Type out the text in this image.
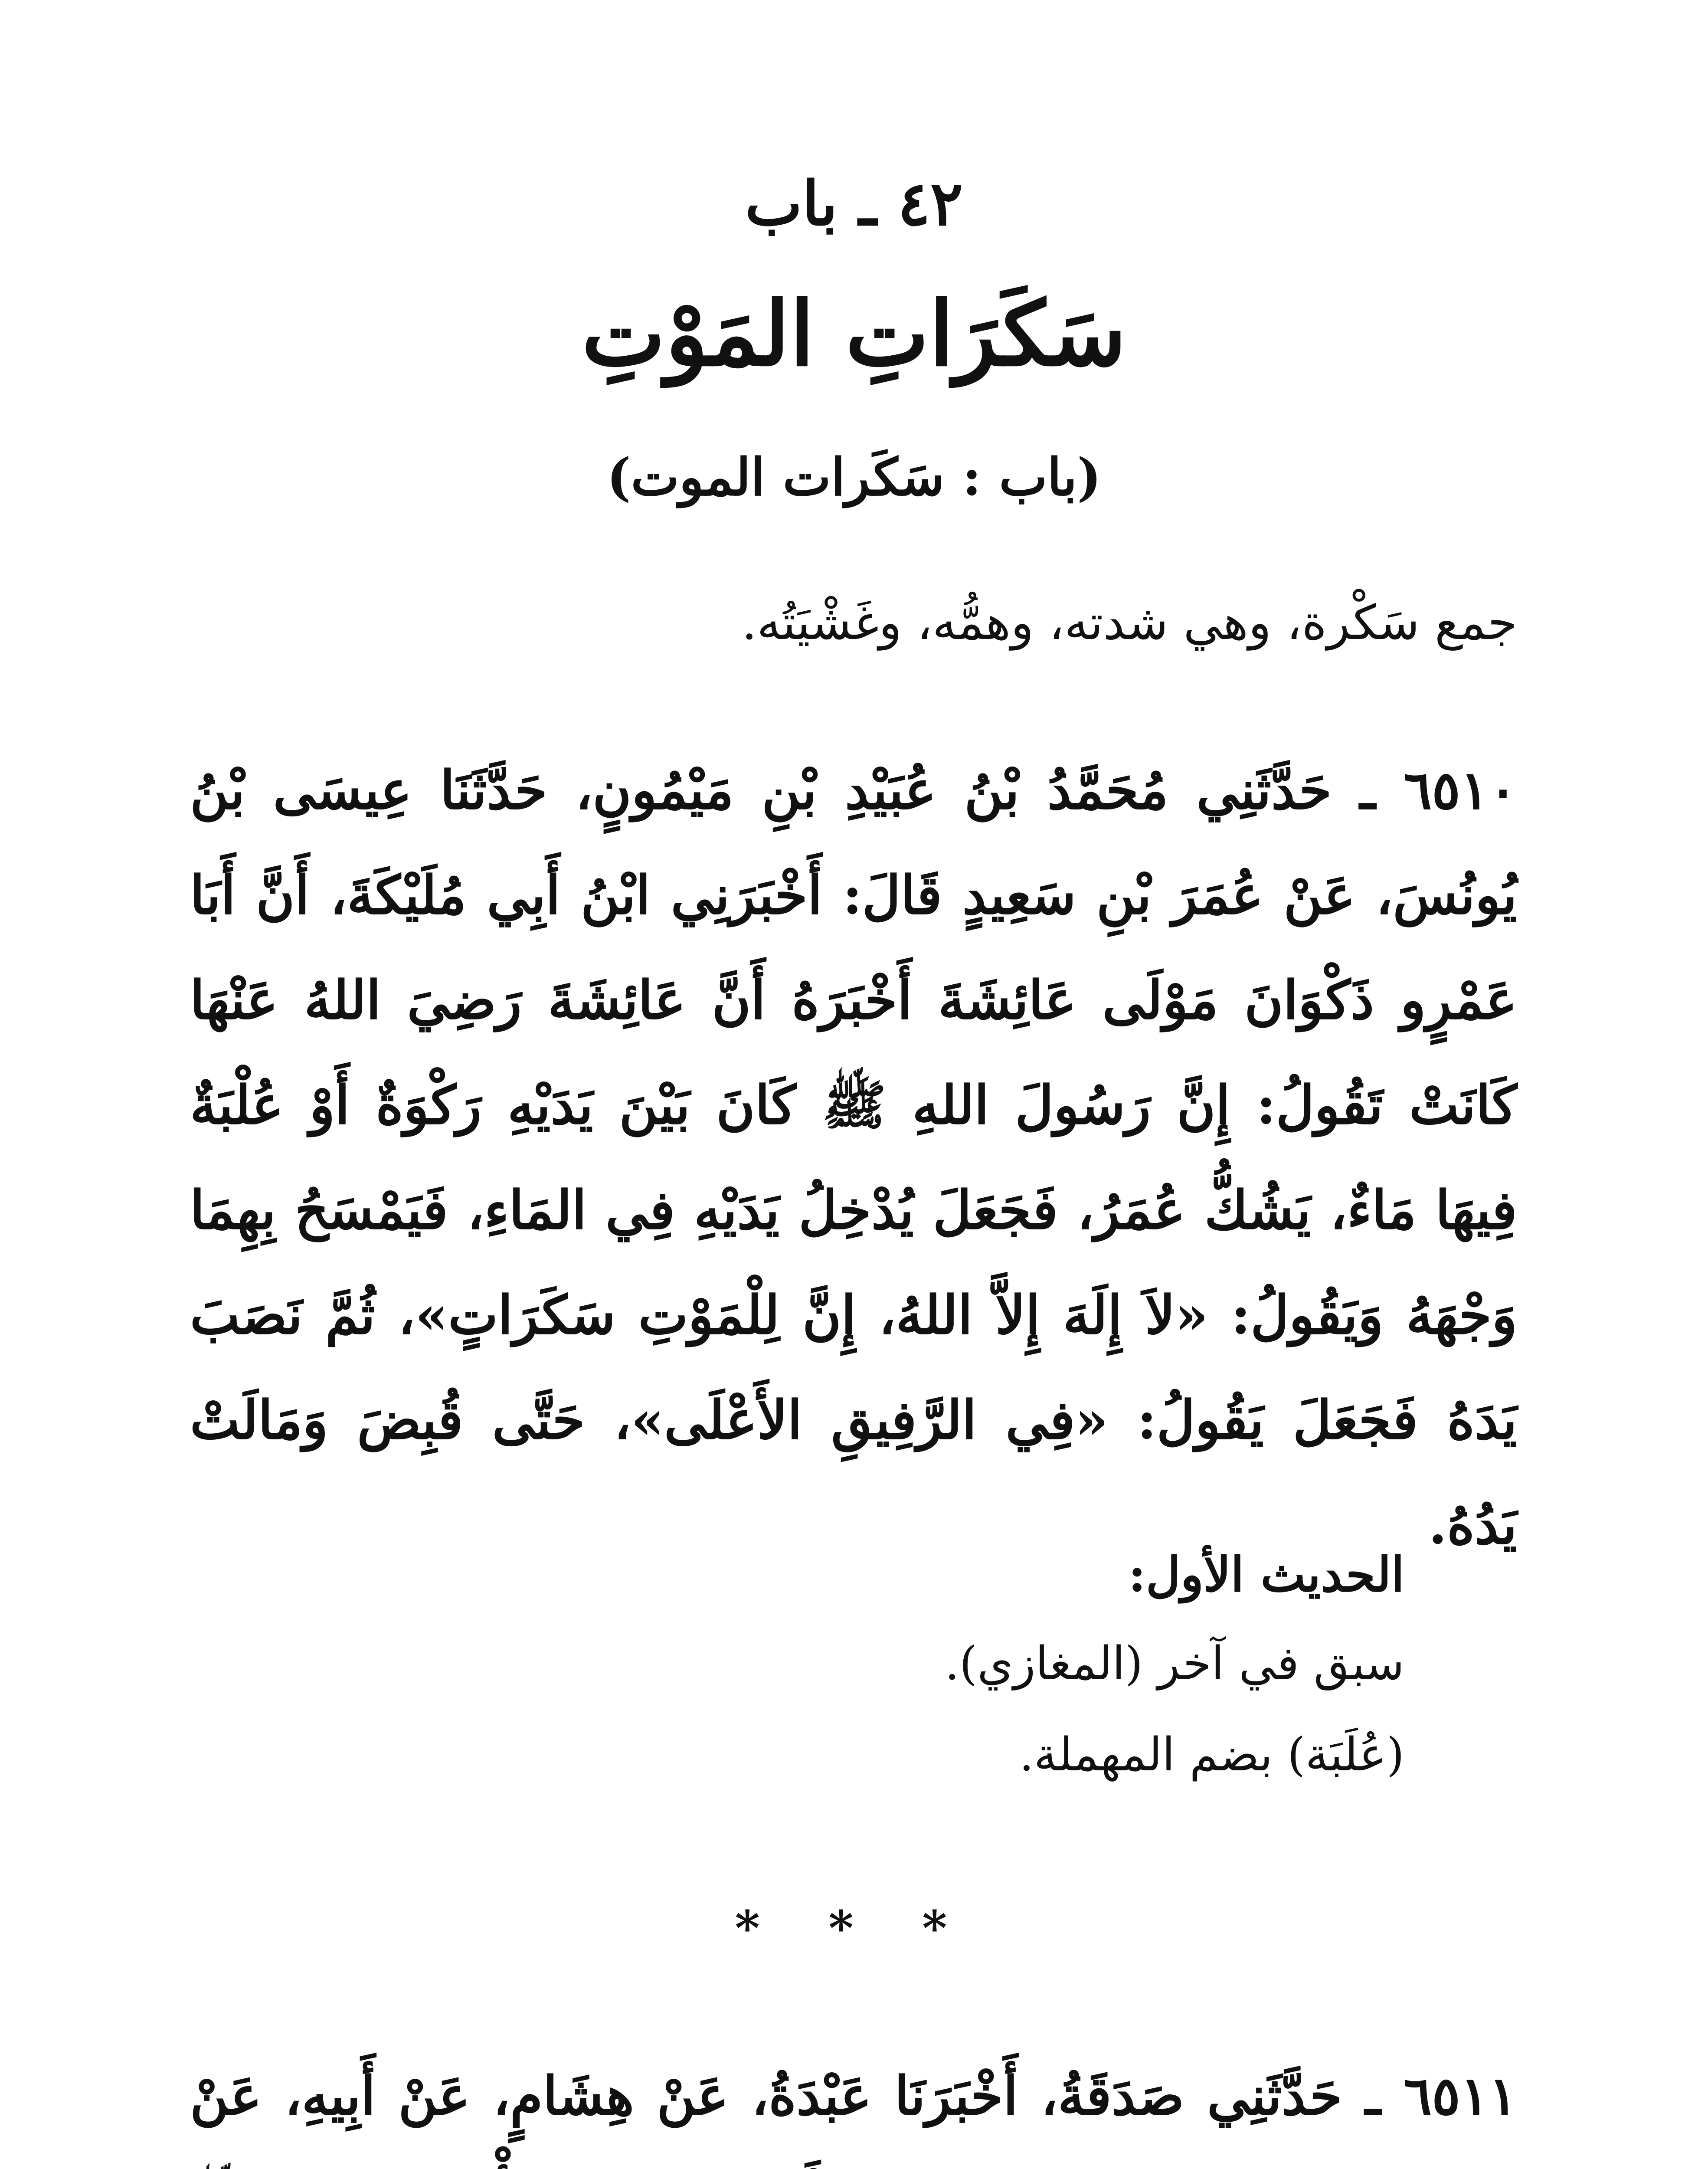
٤٢ ـ باب
سَكَرَاتِ المَوْتِ
(باب : سَكَرات الموت)

جمع سَكْرة، وهي شدته، وهمُّه، وغَشْيَتُه.

٦٥١٠ ـ حَدَّثَنِي مُحَمَّدُ بْنُ عُبَيْدِ بْنِ مَيْمُونٍ، حَدَّثَنَا عِيسَى بْنُ يُونُسَ، عَنْ عُمَرَ بْنِ سَعِيدٍ قَالَ: أَخْبَرَنِي ابْنُ أَبِي مُلَيْكَةَ، أَنَّ أَبَا عَمْرٍو ذَكْوَانَ مَوْلَى عَائِشَةَ أَخْبَرَهُ أَنَّ عَائِشَةَ رَضِيَ اللهُ عَنْهَا كَانَتْ تَقُولُ: إِنَّ رَسُولَ اللهِ ﷺ كَانَ بَيْنَ يَدَيْهِ رَكْوَةٌ أَوْ عُلْبَةٌ فِيهَا مَاءٌ، يَشُكُّ عُمَرُ، فَجَعَلَ يُدْخِلُ يَدَيْهِ فِي المَاءِ، فَيَمْسَحُ بِهِمَا وَجْهَهُ وَيَقُولُ: «لاَ إِلَهَ إِلاَّ اللهُ، إِنَّ لِلْمَوْتِ سَكَرَاتٍ»، ثُمَّ نَصَبَ يَدَهُ فَجَعَلَ يَقُولُ: «فِي الرَّفِيقِ الأَعْلَى»، حَتَّى قُبِضَ وَمَالَتْ يَدُهُ.

الحديث الأول:

سبق في آخر (المغازي).

(عُلَبَة) بضم المهملة.

* * *

٦٥١١ ـ حَدَّثَنِي صَدَقَةُ، أَخْبَرَنَا عَبْدَةُ، عَنْ هِشَامٍ، عَنْ أَبِيهِ، عَنْ
